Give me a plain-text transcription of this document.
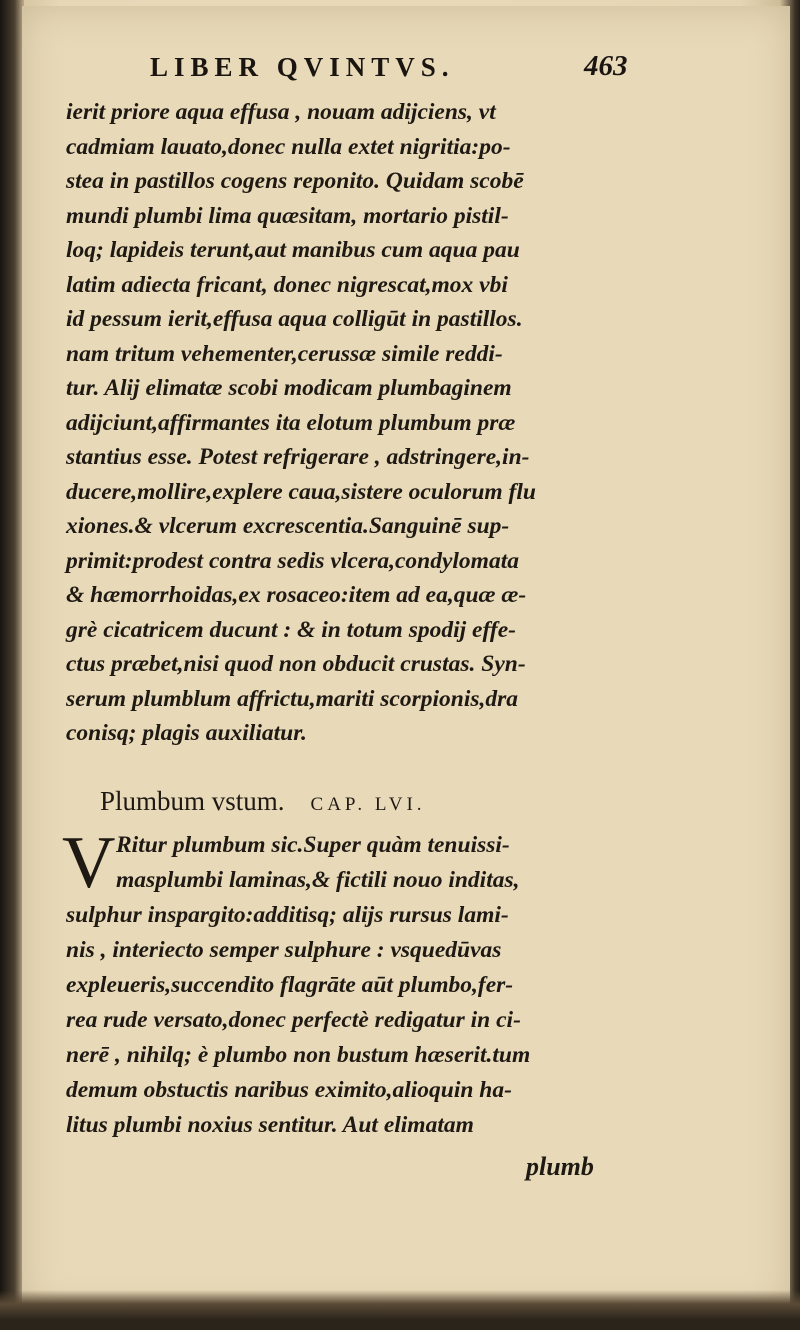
LIBER QVINTVS.	463
ierit priore aqua effusa , nouam adijciens, vt
cadmiam lauato,donec nulla extet nigritia:po-
stea in pastillos cogens reponito. Quidam scobē
mundi plumbi lima quæsitam, mortario pistil-
loq; lapideis terunt,aut manibus cum aqua pau
latim adiecta fricant, donec nigrescat,mox vbi
id pessum ierit,effusa aqua colligūt in pastillos.
nam tritum vehementer,cerussæ simile reddi-
tur. Alij elimatæ scobi modicam plumbaginem
adijciunt,affirmantes ita elotum plumbum præ
stantius esse. Potest refrigerare , adstringere,in-
ducere,mollire,explere caua,sistere oculorum flu
xiones.& vlcerum excrescentia.Sanguinē sup-
primit:prodest contra sedis vlcera,condylomata
& hæmorrhoidas,ex rosaceo:item ad ea,quæ æ-
grè cicatricem ducunt : & in totum spodij effe-
ctus præbet,nisi quod non obducit crustas. Syn-
serum plumblum affrictu,mariti scorpionis,dra
conisq; plagis auxiliatur.
Plumbum vstum. CAP. LVI.
V Ritur plumbum sic.Super quàm tenuissi-
masplumbi laminas,& fictili nouo inditas,
sulphur inspargito:additisq; alijs rursus lami-
nis , interiecto semper sulphure : vsquedūvas
expleueris,succendito flagrāte aūt plumbo,fer-
rea rude versato,donec perfectè redigatur in ci-
nerē , nihilq; è plumbo non bustum hæserit.tum
demum obstuctis naribus eximito,alioquin ha-
litus plumbi noxius sentitur. Aut elimatam
plumb
